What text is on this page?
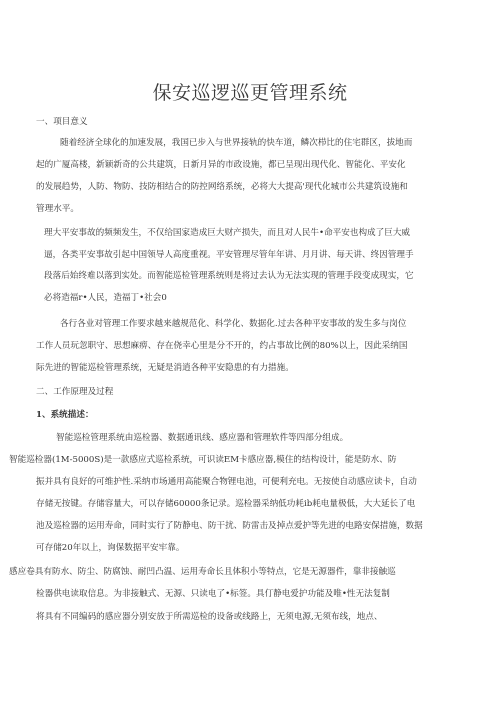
保安巡逻巡更管理系统
一、项目意义
随着经济全球化的加速发展，我国已步入与世界接轨的快车道，鳞次栉比的住宅群区，拔地而
起的广厦高楼，新颖新奇的公共建筑，日新月异的市政设施，都已呈现出现代化、智能化、平安化
的发展趋势，人防、物防、技防相结合的防控网络系统，必将大大提高'现代化城市公共建筑设施和
管理水平。
理大平安事故的频频发生，不仅给国家造成巨大财产损失，而且对人民牛•命平安也构成了巨大威
逼，各类平安事故引起中国领导人高度重视。平安管理尽管年年讲、月月讲、每天讲、终因管理手
段落后始终难以落到实处。而智能巡检管理系统则是将过去认为无法实现的管理手段变成现实，它
必将造福r•人民，造福丁•社会0
各行各业对管理工作要求越来越规范化、科学化、数据化.过去各种平安事故的发生多与岗位
工作人员玩忽职守、思想麻痹、存在侥幸心里是分不开的，约占事故比例的80%以上，因此采纳国
际先进的智能巡检管理系统，无疑是消逍各种平安隐患的有力措施。
二、工作原理及过程
1、系统描述：
智能巡检管理系统由巡检器、数据通讯线、感应器和管理软件等四部分组成。
智能巡检器(1M-5000S)是一款感应式巡检系统，可识读EM卡感应器,模住的结构设计，能是防水、防
振并具有良好的可维护性.采纳市场通用高能聚合物锂电池，可便利充电。无按使自动感应读卡，自动
存储无按键。存储容量大，可以存储60000条记录。巡检器采纳低功耗ib耗电量极低，大大延长了电
池及巡检器的运用寿命，同时实行了防静电、防干扰、防雷击及掉点爱护等先进的电路安保措施，数据
可存储20年以上，询保数据平安牢靠。
感应卷具有防水、防尘、防腐蚀、耐凹凸温、运用寿命长且体积小等特点，它是无源器件，靠非接触巡
检器供电读取信息。为非接触式、无源、只读电了•标签。具仃静电爱护功能及唯•性无法复制
将具有不同编码的感应器分别安放于所需巡检的设备或线路上，无须电源,无须布线，地点、
